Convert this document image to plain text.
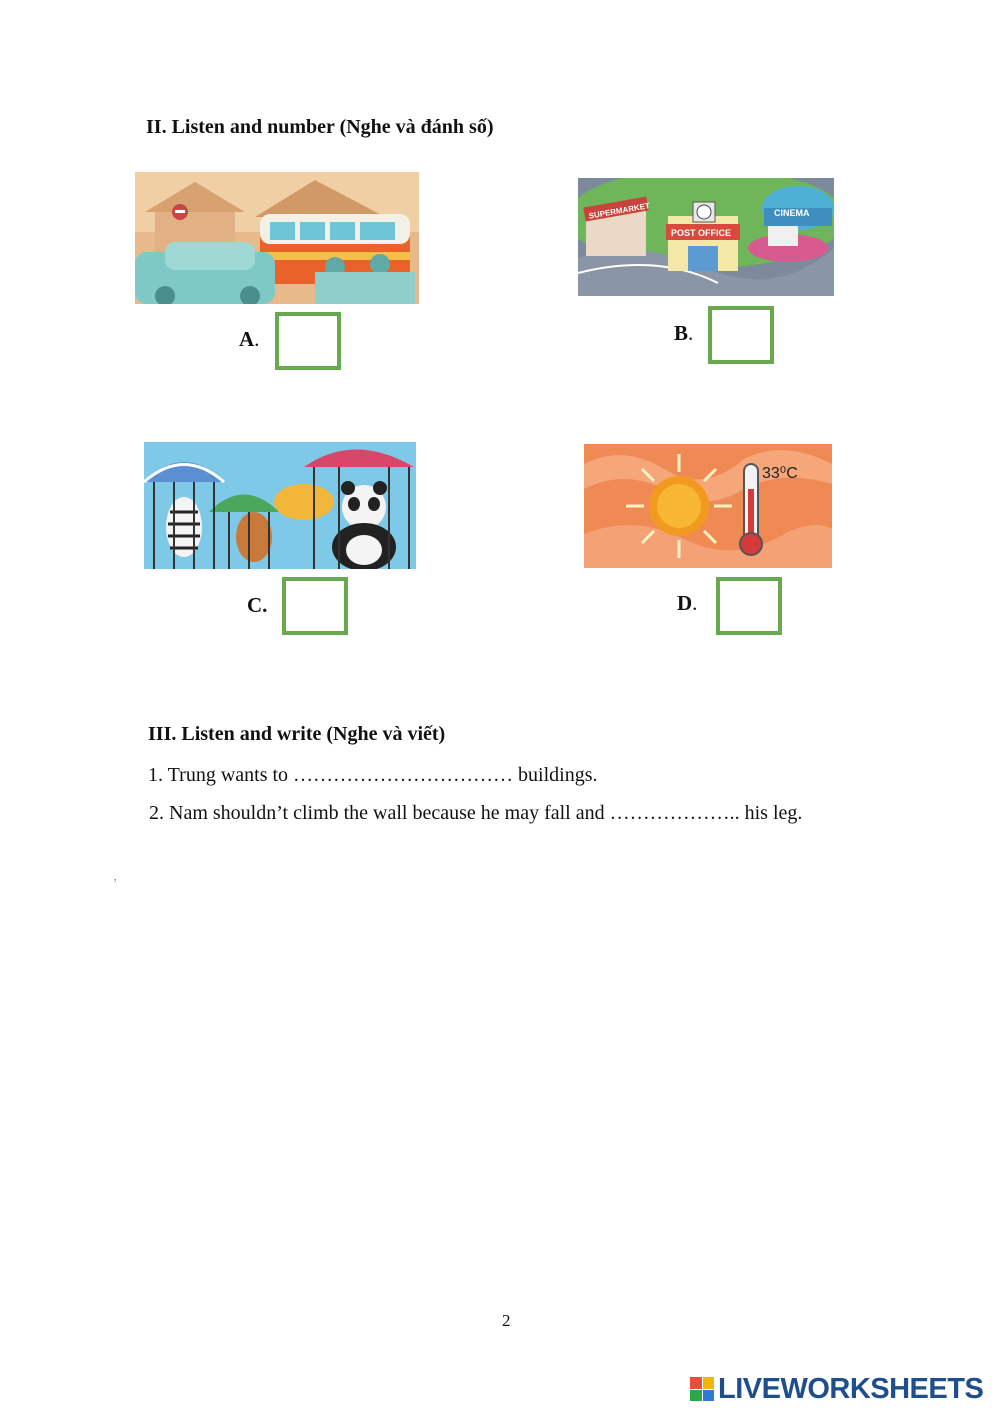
II. Listen and number (Nghe và đánh số)
A.
SUPERMARKET
POST OFFICE
CINEMA
B.
C.
33⁰C
D.
III. Listen and write (Nghe và viết)
1. Trung wants to …………………………… buildings.
2. Nam shouldn’t climb the wall because he may fall and ……………….. his leg.
,
2
LIVEWORKSHEETS
